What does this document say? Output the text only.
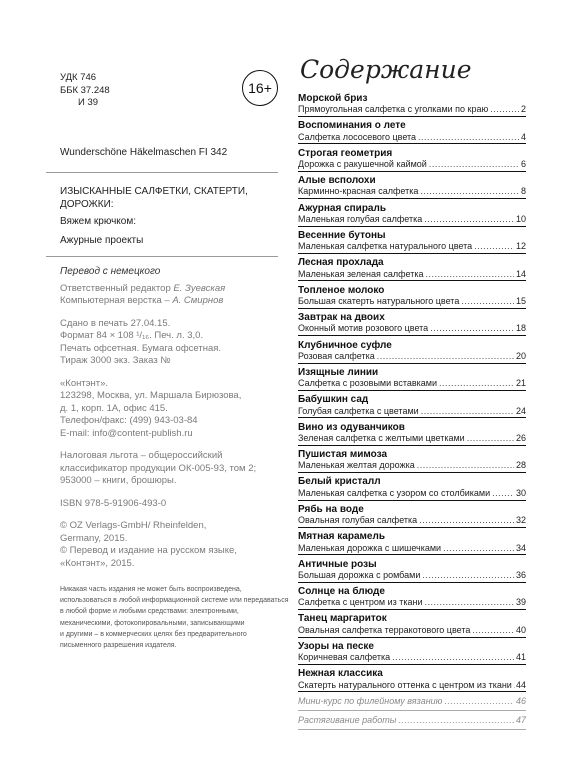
16+
УДК 746
ББК 37.248
И 39
Wunderschöne Häkelmaschen FI 342
ИЗЫСКАННЫЕ САЛФЕТКИ, СКАТЕРТИ,
ДОРОЖКИ:
Вяжем крючком:
Ажурные проекты
Перевод с немецкого
Ответственный редактор Е. Зуевская
Компьютерная верстка – А. Смирнов
Сдано в печать 27.04.15.
Формат 84 × 108 ¹/₁₆. Печ. л. 3,0.
Печать офсетная. Бумага офсетная.
Тираж 3000 экз. Заказ №
«Контэнт».
123298, Москва, ул. Маршала Бирюзова,
д. 1, корп. 1А, офис 415.
Телефон/факс: (499) 943-03-84
E-mail: info@content-publish.ru
Налоговая льгота – общероссийский
классификатор продукции ОК-005-93, том 2;
953000 – книги, брошюры.
ISBN 978-5-91906-493-0
© OZ Verlags-GmbH/ Rheinfelden,
Germany, 2015.
© Перевод и издание на русском языке,
«Контэнт», 2015.
Никакая часть издания не может быть воспроизведена,
использоваться в любой информационной системе или передаваться
в любой форме и любыми средствами: электронными,
механическими, фотокопировальными, записывающими
и другими – в коммерческих целях без предварительного
письменного разрешения издателя.
Содержание
Морской бриз
Прямоугольная салфетка с уголками по краю .....	2
Воспоминания о лете
Салфетка лососевого цвета .....	4
Строгая геометрия
Дорожка с ракушечной каймой .....	6
Алые всполохи
Карминно-красная салфетка .....	8
Ажурная спираль
Маленькая голубая салфетка .....	10
Весенние бутоны
Маленькая салфетка натурального цвета .....	12
Лесная прохлада
Маленькая зеленая салфетка .....	14
Топленое молоко
Большая скатерть натурального цвета .....	15
Завтрак на двоих
Оконный мотив розового цвета .....	18
Клубничное суфле
Розовая салфетка .....	20
Изящные линии
Салфетка с розовыми вставками .....	21
Бабушкин сад
Голубая салфетка с цветами .....	24
Вино из одуванчиков
Зеленая салфетка с желтыми цветками .....	26
Пушистая мимоза
Маленькая желтая дорожка .....	28
Белый кристалл
Маленькая салфетка с узором со столбиками .....	30
Рябь на воде
Овальная голубая салфетка .....	32
Мятная карамель
Маленькая дорожка с шишечками .....	34
Античные розы
Большая дорожка с ромбами .....	36
Солнце на блюде
Салфетка с центром из ткани .....	39
Танец маргариток
Овальная салфетка терракотового цвета .....	40
Узоры на песке
Коричневая салфетка .....	41
Нежная классика
Скатерть натурального оттенка с центром из ткани ..... 44
Мини-курс по филейному вязанию .....	46
Растягивание работы .....	47
